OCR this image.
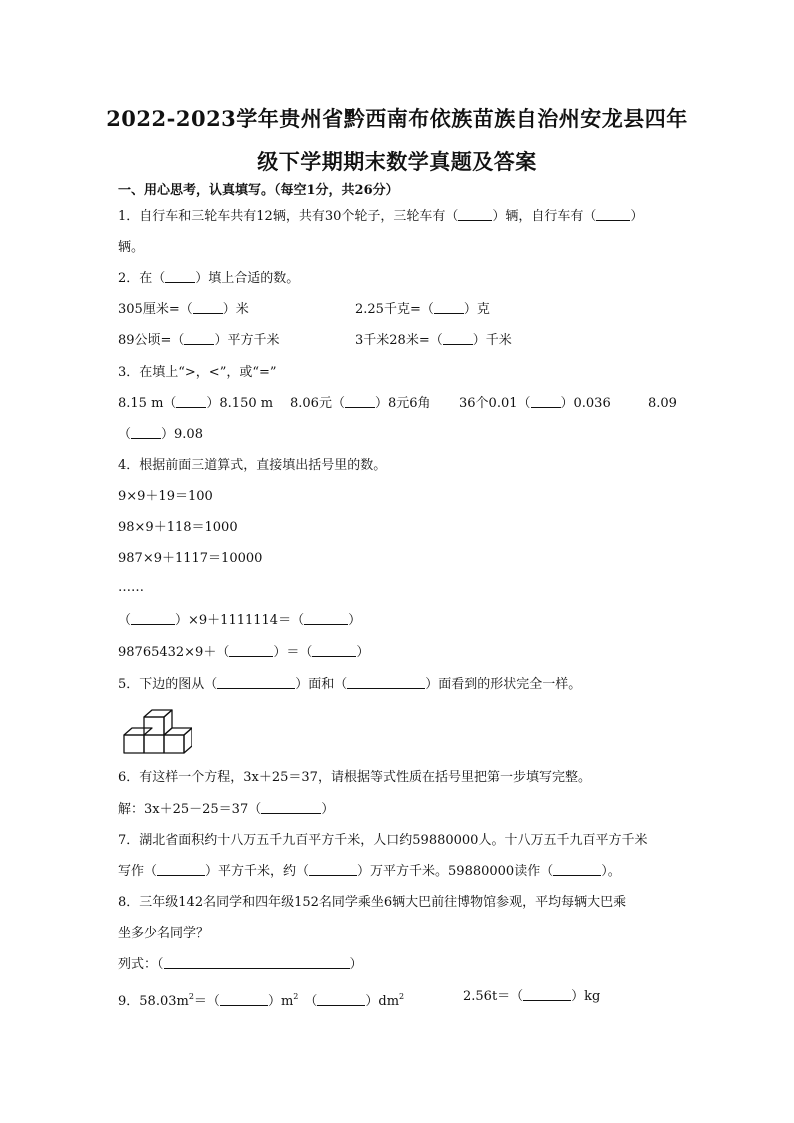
2022-2023学年贵州省黔西南布依族苗族自治州安龙县四年
级下学期期末数学真题及答案
一、用心思考，认真填写。（每空1分，共26分）
1．自行车和三轮车共有12辆，共有30个轮子，三轮车有（	）辆，自行车有（	）
辆。
2．在（ ）填上合适的数。
305厘米=（ ）米	2.25千克=（ ）克
89公顷=（ ）平方千米	3千米28米=（ ）千米
3．在填上“>，<”，或“=”
8.15 m（ ）8.150 m 8.06元（ ）8元6角 36个0.01（ ）0.036	8.09
（ ）9.08
4．根据前面三道算式，直接填出括号里的数。
9×9＋19＝100
98×9＋118＝1000
987×9＋1117＝10000
……
（	）×9＋1111114＝（	）
98765432×9＋（	）＝（	）
5．下边的图从（	）面和（	）面看到的形状完全一样。
6．有这样一个方程，3x＋25＝37，请根据等式性质在括号里把第一步填写完整。
解：3x＋25－25＝37（	）
7．湖北省面积约十八万五千九百平方千米，人口约59880000人。十八万五千九百平方千米
写作（	）平方千米，约（	）万平方千米。59880000读作（	）。
8．三年级142名同学和四年级152名同学乘坐6辆大巴前往博物馆参观，平均每辆大巴乘
坐多少名同学？
列式：（	）
9．$58.03m^2=$（	）$m^2$ （	）$dm^2$	2.56t＝（	）kg
